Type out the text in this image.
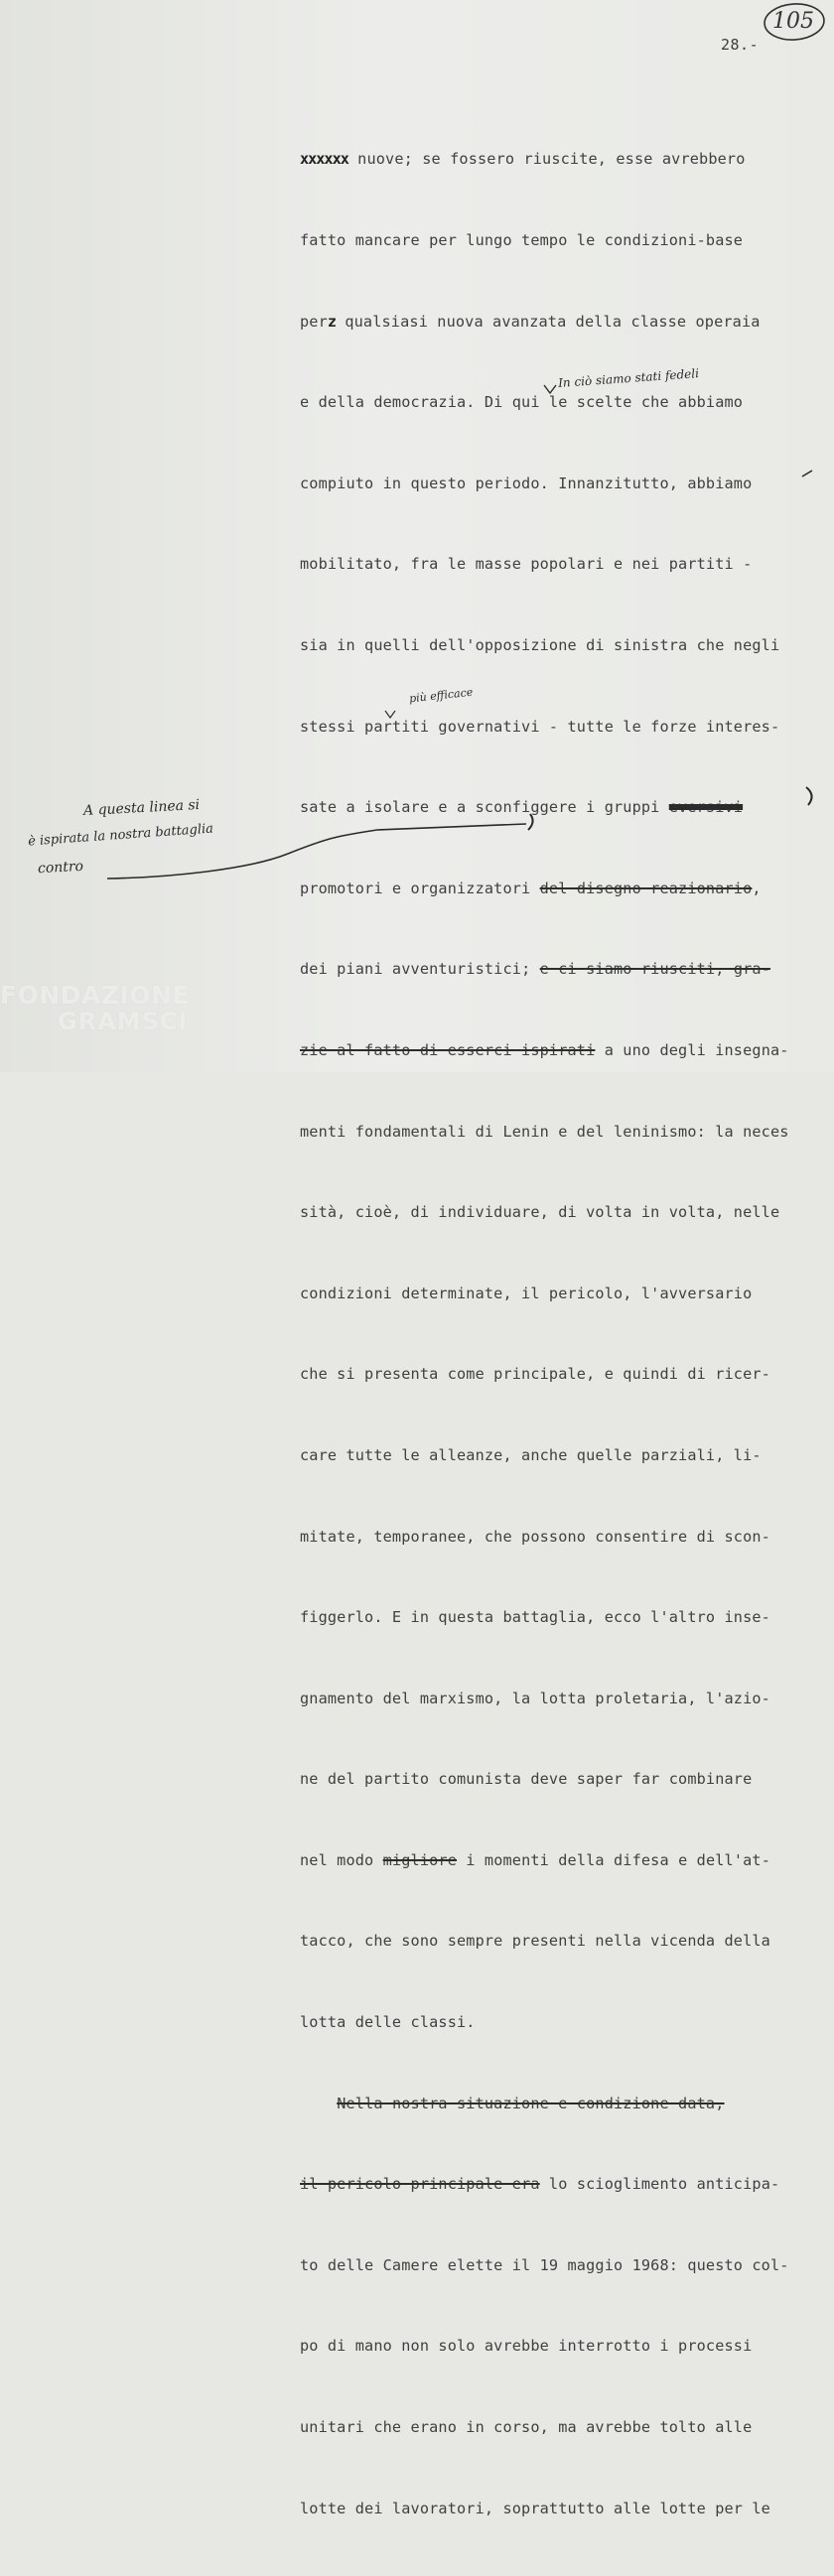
28.-
105

xxxxxx nuove; se fossero riuscite, esse avrebbero

fatto mancare per lungo tempo le condizioni-base

perz qualsiasi nuova avanzata della classe operaia

e della democrazia. Di qui le scelte che abbiamo

compiuto in questo periodo. Innanzitutto, abbiamo

mobilitato, fra le masse popolari e nei partiti -

sia in quelli dell'opposizione di sinistra che negli

stessi partiti governativi - tutte le forze interes-

sate a isolare e a sconfiggere i gruppi eversivi

promotori e organizzatori del disegno reazionario,

dei piani avventuristici; e ci siamo riusciti, gra-

zie al fatto di esserci ispirati a uno degli insegna-

menti fondamentali di Lenin e del leninismo: la neces

sità, cioè, di individuare, di volta in volta, nelle

condizioni determinate, il pericolo, l'avversario

che si presenta come principale, e quindi di ricer-

care tutte le alleanze, anche quelle parziali, li-

mitate, temporanee, che possono consentire di scon-

figgerlo. E in questa battaglia, ecco l'altro inse-

gnamento del marxismo, la lotta proletaria, l'azio-

ne del partito comunista deve saper far combinare

nel modo migliore i momenti della difesa e dell'at-

tacco, che sono sempre presenti nella vicenda della

lotta delle classi.

Nella nostra situazione e condizione data,

il pericolo principale era lo scioglimento anticipa-

to delle Camere elette il 19 maggio 1968: questo col-

po di mano non solo avrebbe interrotto i processi

unitari che erano in corso, ma avrebbe tolto alle

lotte dei lavoratori, soprattutto alle lotte per le

In ciò siamo stati fedeli
più efficace
A questa linea si
è ispirata la nostra battaglia
contro
FONDAZIONE
GRAMSCI
